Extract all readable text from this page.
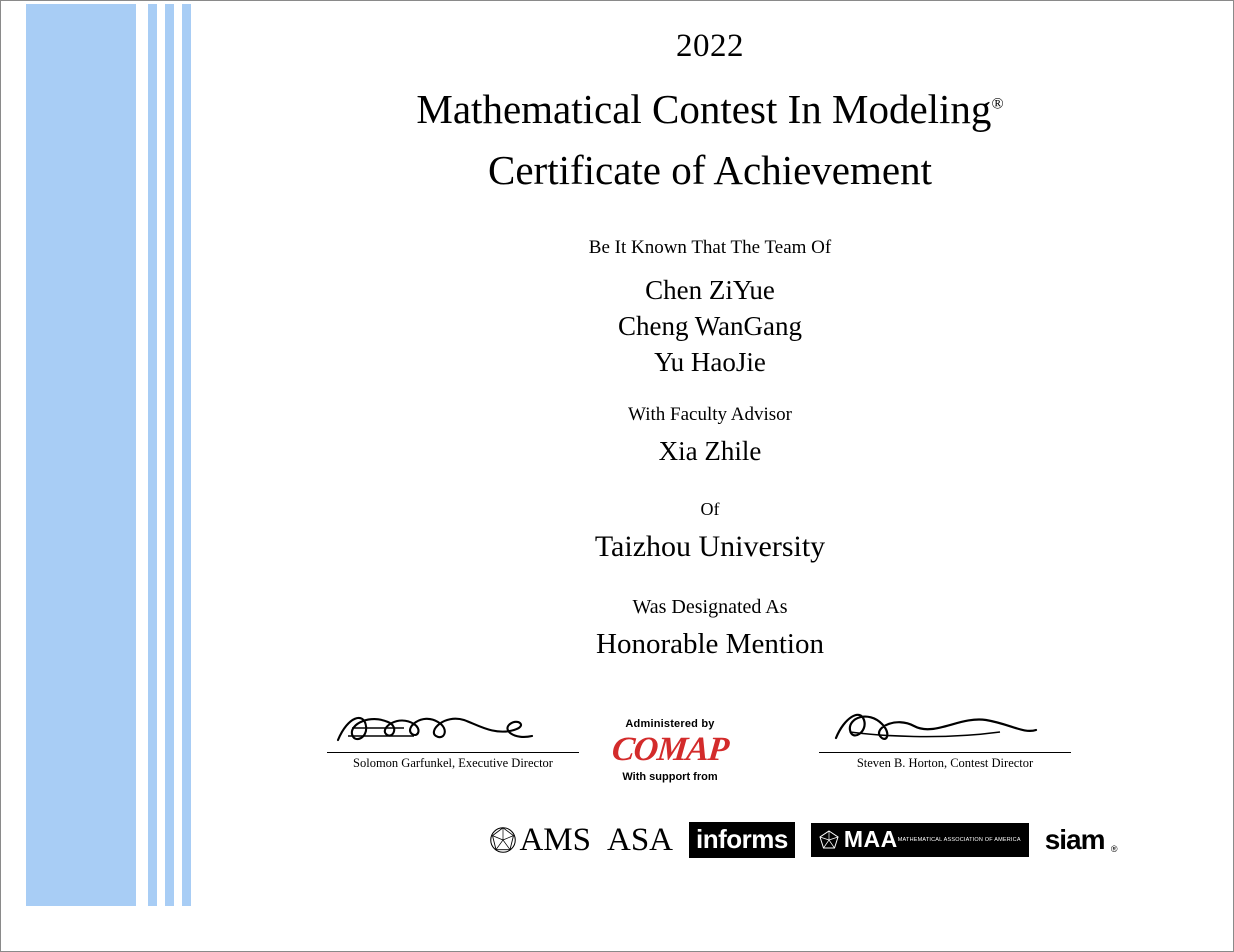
2022
Mathematical Contest In Modeling®
Certificate of Achievement
Be It Known That The Team Of
Chen ZiYue
Cheng WanGang
Yu HaoJie
With Faculty Advisor
Xia Zhile
Of
Taizhou University
Was Designated As
Honorable Mention
Solomon Garfunkel, Executive Director	Steven B. Horton, Contest Director
Administered by
COMAP
With support from
AMS ASA informs MAA MATHEMATICAL ASSOCIATION OF AMERICA siam ®
